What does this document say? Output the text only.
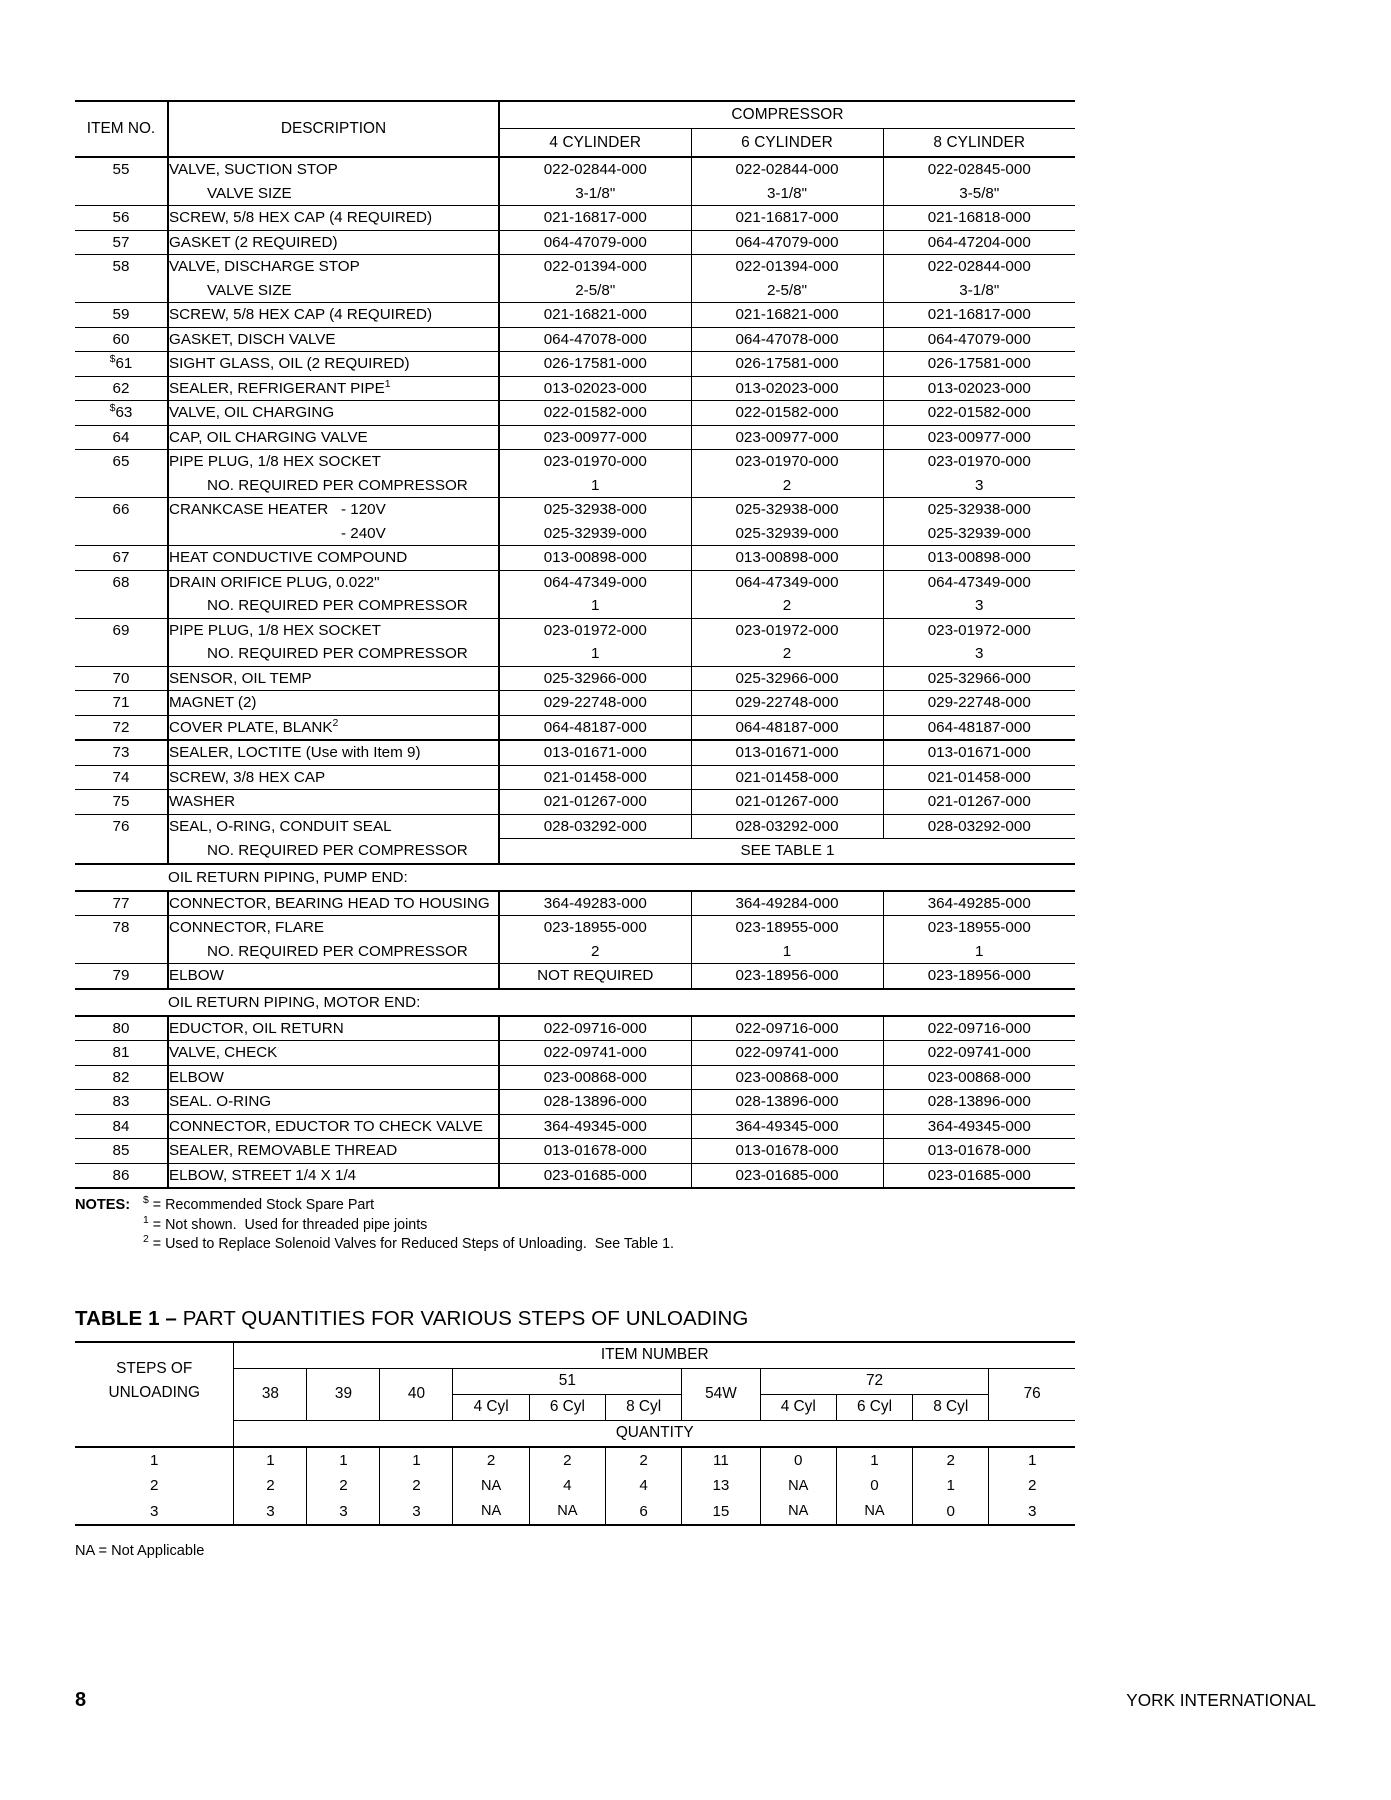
ITEM NO.	DESCRIPTION	COMPRESSOR		
		4 CYLINDER	6 CYLINDER	8 CYLINDER
55	VALVE, SUCTION STOP	022-02844-000	022-02844-000	022-02845-000
	VALVE SIZE	3-1/8"	3-1/8"	3-5/8"
56	SCREW, 5/8 HEX CAP (4 REQUIRED)	021-16817-000	021-16817-000	021-16818-000
57	GASKET (2 REQUIRED)	064-47079-000	064-47079-000	064-47204-000
58	VALVE, DISCHARGE STOP	022-01394-000	022-01394-000	022-02844-000
	VALVE SIZE	2-5/8"	2-5/8"	3-1/8"
59	SCREW, 5/8 HEX CAP (4 REQUIRED)	021-16821-000	021-16821-000	021-16817-000
60	GASKET, DISCH VALVE	064-47078-000	064-47078-000	064-47079-000
$61	SIGHT GLASS, OIL (2 REQUIRED)	026-17581-000	026-17581-000	026-17581-000
62	SEALER, REFRIGERANT PIPE$^1$	013-02023-000	013-02023-000	013-02023-000
$63	VALVE, OIL CHARGING	022-01582-000	022-01582-000	022-01582-000
64	CAP, OIL CHARGING VALVE	023-00977-000	023-00977-000	023-00977-000
65	PIPE PLUG, 1/8 HEX SOCKET	023-01970-000	023-01970-000	023-01970-000
	NO. REQUIRED PER COMPRESSOR	1	2	3
66	CRANKCASE HEATER - 120V	025-32938-000	025-32938-000	025-32938-000
	- 240V	025-32939-000	025-32939-000	025-32939-000
67	HEAT CONDUCTIVE COMPOUND	013-00898-000	013-00898-000	013-00898-000
68	DRAIN ORIFICE PLUG, 0.022"	064-47349-000	064-47349-000	064-47349-000
	NO. REQUIRED PER COMPRESSOR	1	2	3
69	PIPE PLUG, 1/8 HEX SOCKET	023-01972-000	023-01972-000	023-01972-000
	NO. REQUIRED PER COMPRESSOR	1	2	3
70	SENSOR, OIL TEMP	025-32966-000	025-32966-000	025-32966-000
71	MAGNET (2)	029-22748-000	029-22748-000	029-22748-000
72	COVER PLATE, BLANK$^2$	064-48187-000	064-48187-000	064-48187-000
73	SEALER, LOCTITE (Use with Item 9)	013-01671-000	013-01671-000	013-01671-000
74	SCREW, 3/8 HEX CAP	021-01458-000	021-01458-000	021-01458-000
75	WASHER	021-01267-000	021-01267-000	021-01267-000
76	SEAL, O-RING, CONDUIT SEAL	028-03292-000	028-03292-000	028-03292-000
	NO. REQUIRED PER COMPRESSOR	SEE TABLE 1		
	OIL RETURN PIPING, PUMP END:			
77	CONNECTOR, BEARING HEAD TO HOUSING	364-49283-000	364-49284-000	364-49285-000
78	CONNECTOR, FLARE	023-18955-000	023-18955-000	023-18955-000
	NO. REQUIRED PER COMPRESSOR	2	1	1
79	ELBOW	NOT REQUIRED	023-18956-000	023-18956-000
	OIL RETURN PIPING, MOTOR END:			
80	EDUCTOR, OIL RETURN	022-09716-000	022-09716-000	022-09716-000
81	VALVE, CHECK	022-09741-000	022-09741-000	022-09741-000
82	ELBOW	023-00868-000	023-00868-000	023-00868-000
83	SEAL. O-RING	028-13896-000	028-13896-000	028-13896-000
84	CONNECTOR, EDUCTOR TO CHECK VALVE	364-49345-000	364-49345-000	364-49345-000
85	SEALER, REMOVABLE THREAD	013-01678-000	013-01678-000	013-01678-000
86	ELBOW, STREET 1/4 X 1/4	023-01685-000	023-01685-000	023-01685-000
NOTES:	$ = Recommended Stock Spare Part
$^1$ = Not shown.  Used for threaded pipe joints
$^2$ = Used to Replace Solenoid Valves for Reduced Steps of Unloading.  See Table 1.
TABLE 1 – PART QUANTITIES FOR VARIOUS STEPS OF UNLOADING
STEPS OF
UNLOADING	ITEM NUMBER										
	38	39	40	51			54W	72			76
				4 Cyl	6 Cyl	8 Cyl		4 Cyl	6 Cyl	8 Cyl	
	QUANTITY										
1	1	1	1	2	2	2	11	0	1	2	1
2	2	2	2	NA	4	4	13	NA	0	1	2
3	3	3	3	NA	NA	6	15	NA	NA	0	3
NA = Not Applicable
8	YORK INTERNATIONAL
